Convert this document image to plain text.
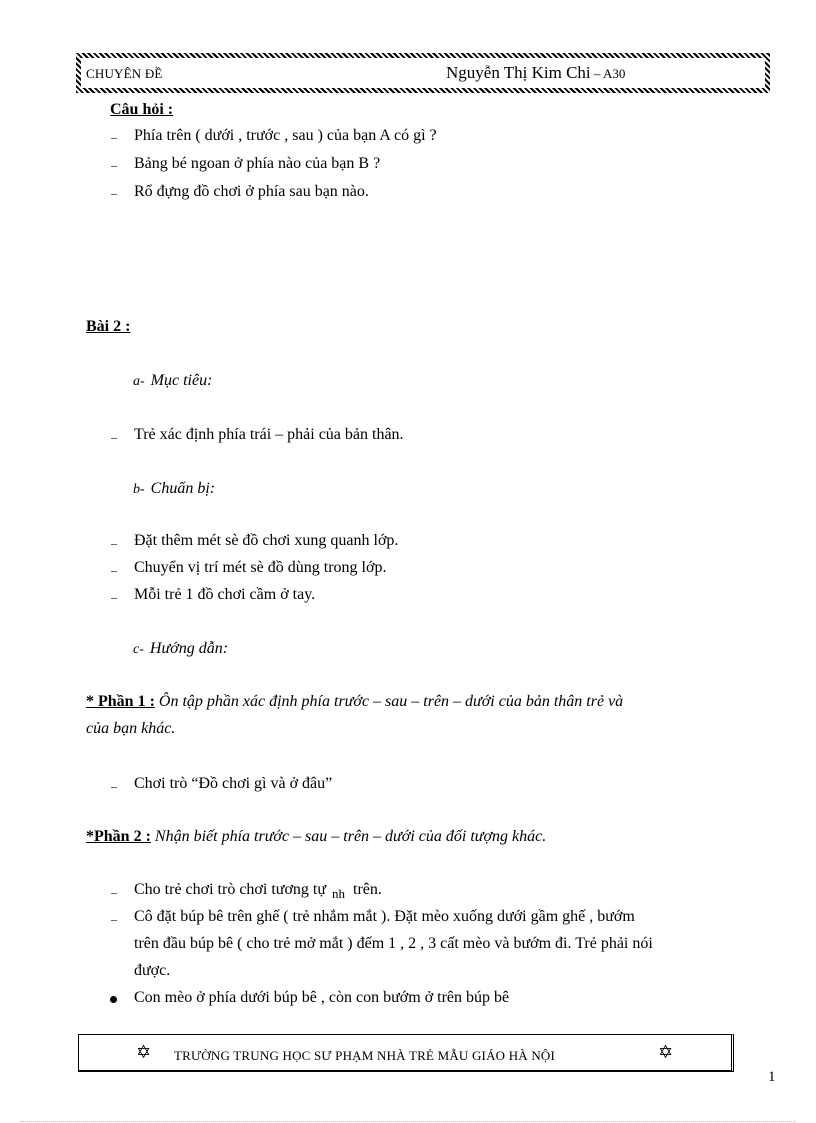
CHUYÊN ĐỀ	Nguyễn Thị Kim Chi – A30
Câu hỏi :
– Phía trên ( dưới , trước , sau ) của bạn A có gì ?
– Bảng bé ngoan ở phía nào của bạn B ?
– Rổ đựng đồ chơi ở phía sau bạn nào.
Bài 2 :
a- Mục tiêu:
– Trẻ xác định phía trái – phải của bản thân.
b- Chuẩn bị:
– Đặt thêm mét sè đồ chơi xung quanh lớp.
– Chuyển vị trí mét sè đồ dùng trong lớp.
– Mỗi trẻ 1 đồ chơi cầm ở tay.
c- Hướng dẫn:
* Phần 1 : Ôn tập phần xác định phía trước – sau – trên – dưới của bản thân trẻ và
của bạn khác.
– Chơi trò “Đồ chơi gì và ở đâu”
*Phần 2 : Nhận biết phía trước – sau – trên – dưới của đối tượng khác.
– Cho trẻ chơi trò chơi tương tự $_{nh}$ trên.
– Cô đặt búp bê trên ghế ( trẻ nhắm mắt ). Đặt mèo xuống dưới gầm ghế , bướm
trên đầu búp bê ( cho trẻ mở mắt ) đếm 1 , 2 , 3 cất mèo và bướm đi. Trẻ phải nói
được.
Con mèo ở phía dưới búp bê , còn con bướm ở trên búp bê
✡ TRƯỜNG TRUNG HỌC SƯ PHẠM NHÀ TRẺ MẪU GIÁO HÀ NỘI	✡
1
